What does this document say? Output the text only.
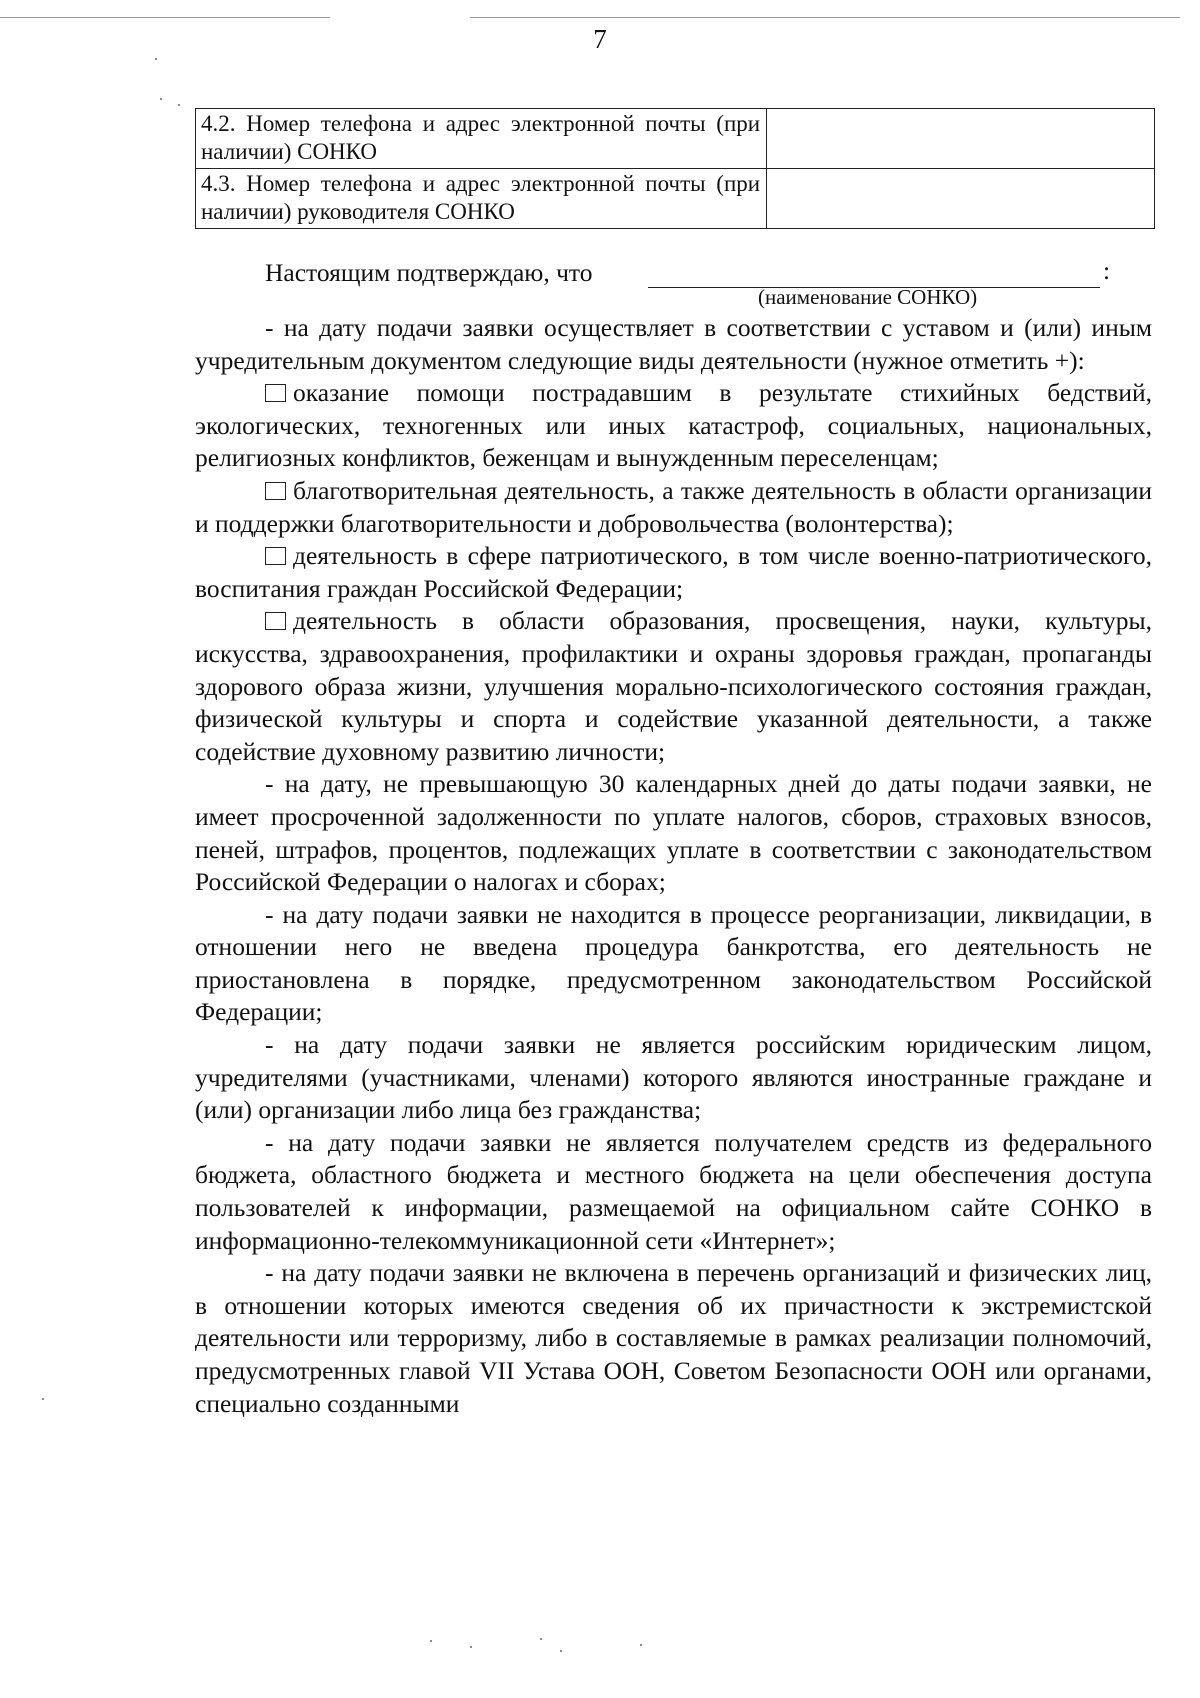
7
4.2. Номер телефона и адрес электронной почты (при наличии) СОНКО	
4.3. Номер телефона и адрес электронной почты (при наличии) руководителя СОНКО	
Настоящим подтверждаю, что	:
(наименование СОНКО)

- на дату подачи заявки осуществляет в соответствии с уставом и (или) иным учредительным документом следующие виды деятельности (нужное отметить +):

оказание помощи пострадавшим в результате стихийных бедствий, экологических, техногенных или иных катастроф, социальных, национальных, религиозных конфликтов, беженцам и вынужденным переселенцам;

благотворительная деятельность, а также деятельность в области организации и поддержки благотворительности и добровольчества (волонтерства);

деятельность в сфере патриотического, в том числе военно-патриотического, воспитания граждан Российской Федерации;

деятельность в области образования, просвещения, науки, культуры, искусства, здравоохранения, профилактики и охраны здоровья граждан, пропаганды здорового образа жизни, улучшения морально-психологического состояния граждан, физической культуры и спорта и содействие указанной деятельности, а также содействие духовному развитию личности;

- на дату, не превышающую 30 календарных дней до даты подачи заявки, не имеет просроченной задолженности по уплате налогов, сборов, страховых взносов, пеней, штрафов, процентов, подлежащих уплате в соответствии с законодательством Российской Федерации о налогах и сборах;

- на дату подачи заявки не находится в процессе реорганизации, ликвидации, в отношении него не введена процедура банкротства, его деятельность не приостановлена в порядке, предусмотренном законодательством Российской Федерации;

- на дату подачи заявки не является российским юридическим лицом, учредителями (участниками, членами) которого являются иностранные граждане и (или) организации либо лица без гражданства;

- на дату подачи заявки не является получателем средств из федерального бюджета, областного бюджета и местного бюджета на цели обеспечения доступа пользователей к информации, размещаемой на официальном сайте СОНКО в информационно-телекоммуникационной сети «Интернет»;

- на дату подачи заявки не включена в перечень организаций и физических лиц, в отношении которых имеются сведения об их причастности к экстремистской деятельности или терроризму, либо в составляемые в рамках реализации полномочий, предусмотренных главой VII Устава ООН, Советом Безопасности ООН или органами, специально созданными
